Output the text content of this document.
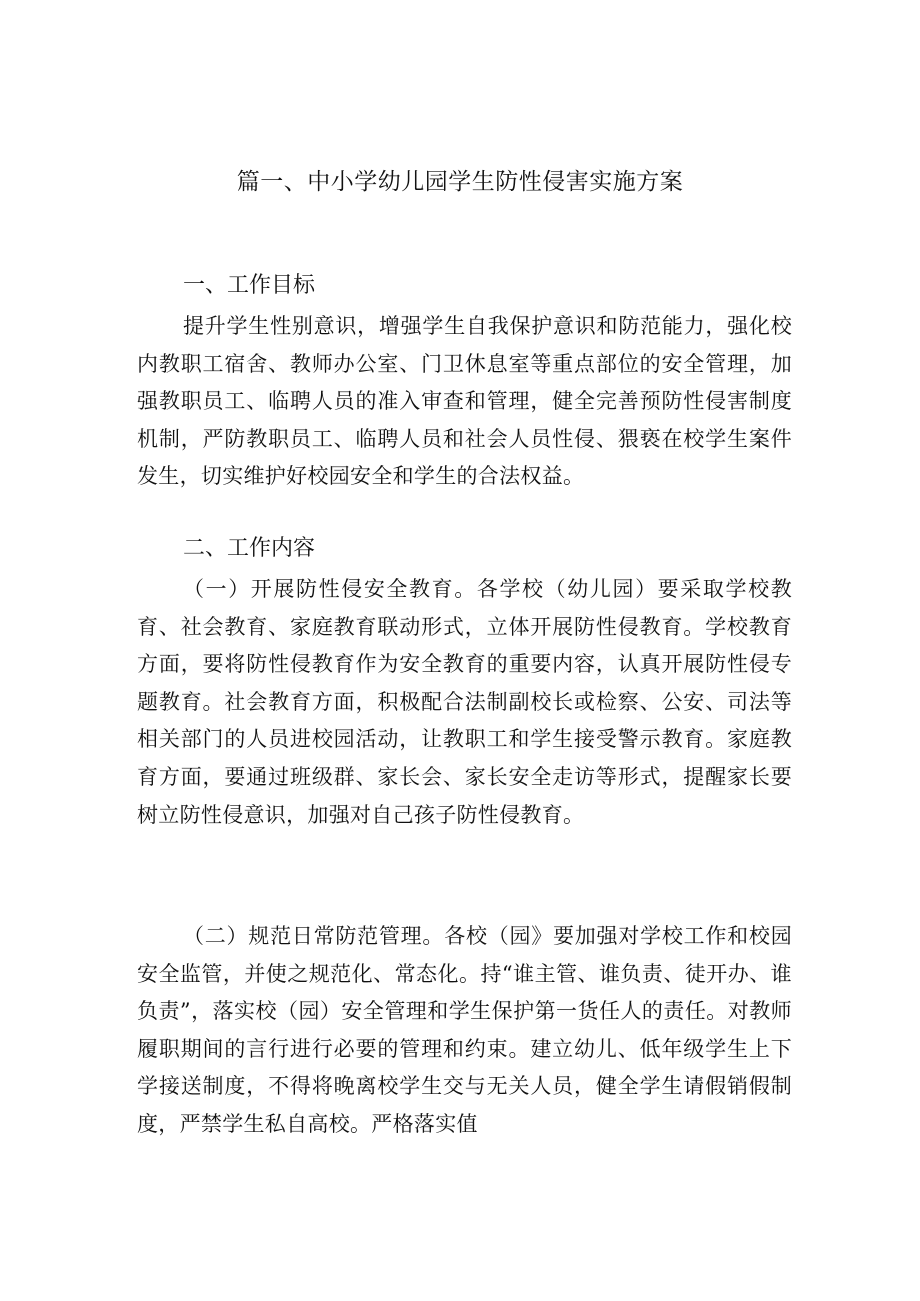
篇一、中小学幼儿园学生防性侵害实施方案
一、工作目标

提升学生性别意识，增强学生自我保护意识和防范能力，强化校内教职工宿舍、教师办公室、门卫休息室等重点部位的安全管理，加强教职员工、临聘人员的准入审查和管理，健全完善预防性侵害制度机制，严防教职员工、临聘人员和社会人员性侵、猥亵在校学生案件发生，切实维护好校园安全和学生的合法权益。

二、工作内容

（一）开展防性侵安全教育。各学校（幼儿园）要采取学校教育、社会教育、家庭教育联动形式，立体开展防性侵教育。学校教育方面，要将防性侵教育作为安全教育的重要内容，认真开展防性侵专题教育。社会教育方面，积极配合法制副校长或检察、公安、司法等相关部门的人员进校园活动，让教职工和学生接受警示教育。家庭教育方面，要通过班级群、家长会、家长安全走访等形式，提醒家长要树立防性侵意识，加强对自己孩子防性侵教育。

（二）规范日常防范管理。各校（园》要加强对学校工作和校园安全监管，并使之规范化、常态化。持“谁主管、谁负责、徒开办、谁负责”，落实校（园）安全管理和学生保护第一货任人的责任。对教师履职期间的言行进行必要的管理和约束。建立幼儿、低年级学生上下学接送制度，不得将晚离校学生交与无关人员，健全学生请假销假制度，严禁学生私自高校。严格落实值
